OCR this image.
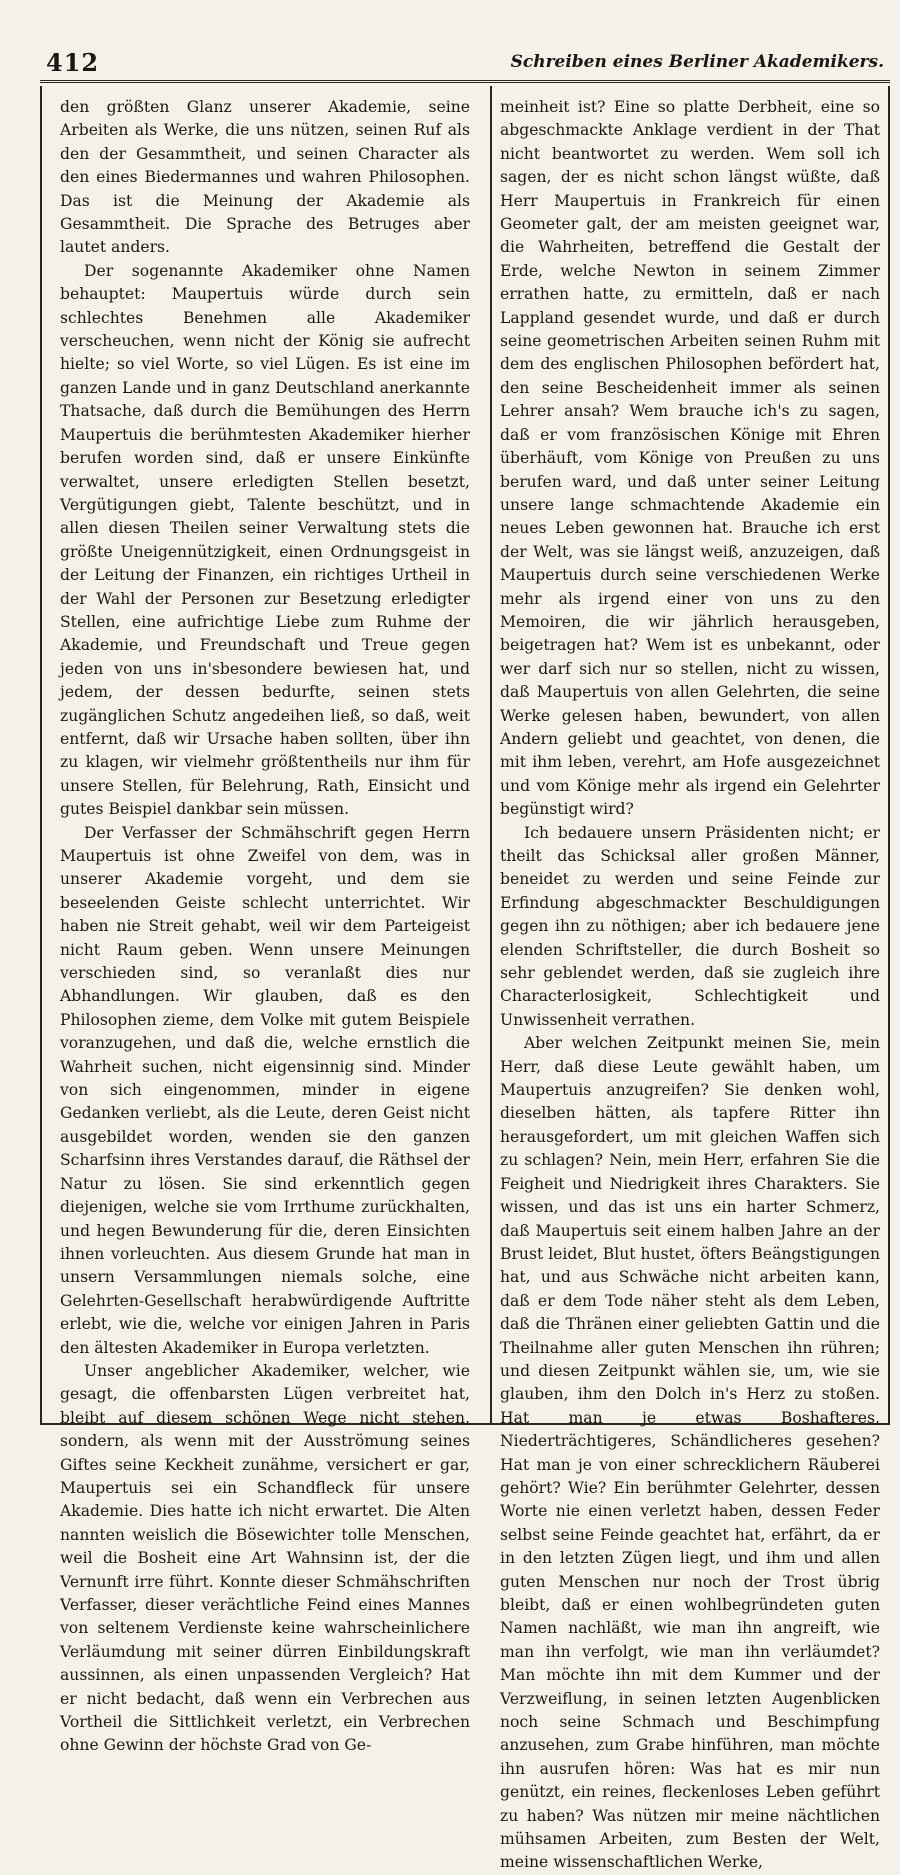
412	Schreiben eines Berliner Akademikers.

den größten Glanz unserer Akademie, seine Arbeiten als Werke, die uns nützen, seinen Ruf als den der Gesammtheit, und seinen Character als den eines Biedermannes und wahren Philosophen. Das ist die Meinung der Akademie als Gesammtheit. Die Sprache des Betruges aber lautet anders.

Der sogenannte Akademiker ohne Namen behauptet: Maupertuis würde durch sein schlechtes Benehmen alle Akademiker verscheuchen, wenn nicht der König sie aufrecht hielte; so viel Worte, so viel Lügen. Es ist eine im ganzen Lande und in ganz Deutschland anerkannte Thatsache, daß durch die Bemühungen des Herrn Maupertuis die berühmtesten Akademiker hierher berufen worden sind, daß er unsere Einkünfte verwaltet, unsere erledigten Stellen besetzt, Vergütigungen giebt, Talente beschützt, und in allen diesen Theilen seiner Verwaltung stets die größte Uneigennützigkeit, einen Ordnungsgeist in der Leitung der Finanzen, ein richtiges Urtheil in der Wahl der Personen zur Besetzung erledigter Stellen, eine aufrichtige Liebe zum Ruhme der Akademie, und Freundschaft und Treue gegen jeden von uns in'sbesondere bewiesen hat, und jedem, der dessen bedurfte, seinen stets zugänglichen Schutz angedeihen ließ, so daß, weit entfernt, daß wir Ursache haben sollten, über ihn zu klagen, wir vielmehr größtentheils nur ihm für unsere Stellen, für Belehrung, Rath, Einsicht und gutes Beispiel dankbar sein müssen.

Der Verfasser der Schmähschrift gegen Herrn Maupertuis ist ohne Zweifel von dem, was in unserer Akademie vorgeht, und dem sie beseelenden Geiste schlecht unterrichtet. Wir haben nie Streit gehabt, weil wir dem Parteigeist nicht Raum geben. Wenn unsere Meinungen verschieden sind, so veranlaßt dies nur Abhandlungen. Wir glauben, daß es den Philosophen zieme, dem Volke mit gutem Beispiele voranzugehen, und daß die, welche ernstlich die Wahrheit suchen, nicht eigensinnig sind. Minder von sich eingenommen, minder in eigene Gedanken verliebt, als die Leute, deren Geist nicht ausgebildet worden, wenden sie den ganzen Scharfsinn ihres Verstandes darauf, die Räthsel der Natur zu lösen. Sie sind erkenntlich gegen diejenigen, welche sie vom Irrthume zurückhalten, und hegen Bewunderung für die, deren Einsichten ihnen vorleuchten. Aus diesem Grunde hat man in unsern Versammlungen niemals solche, eine Gelehrten-Gesellschaft herabwürdigende Auftritte erlebt, wie die, welche vor einigen Jahren in Paris den ältesten Akademiker in Europa verletzten.

Unser angeblicher Akademiker, welcher, wie gesagt, die offenbarsten Lügen verbreitet hat, bleibt auf diesem schönen Wege nicht stehen, sondern, als wenn mit der Ausströmung seines Giftes seine Keckheit zunähme, versichert er gar, Maupertuis sei ein Schandfleck für unsere Akademie. Dies hatte ich nicht erwartet. Die Alten nannten weislich die Bösewichter tolle Menschen, weil die Bosheit eine Art Wahnsinn ist, der die Vernunft irre führt. Konnte dieser Schmähschriften Verfasser, dieser verächtliche Feind eines Mannes von seltenem Verdienste keine wahrscheinlichere Verläumdung mit seiner dürren Einbildungskraft aussinnen, als einen unpassenden Vergleich? Hat er nicht bedacht, daß wenn ein Verbrechen aus Vortheil die Sittlichkeit verletzt, ein Verbrechen ohne Gewinn der höchste Grad von Ge-

meinheit ist? Eine so platte Derbheit, eine so abgeschmackte Anklage verdient in der That nicht beantwortet zu werden. Wem soll ich sagen, der es nicht schon längst wüßte, daß Herr Maupertuis in Frankreich für einen Geometer galt, der am meisten geeignet war, die Wahrheiten, betreffend die Gestalt der Erde, welche Newton in seinem Zimmer errathen hatte, zu ermitteln, daß er nach Lappland gesendet wurde, und daß er durch seine geometrischen Arbeiten seinen Ruhm mit dem des englischen Philosophen befördert hat, den seine Bescheidenheit immer als seinen Lehrer ansah? Wem brauche ich's zu sagen, daß er vom französischen Könige mit Ehren überhäuft, vom Könige von Preußen zu uns berufen ward, und daß unter seiner Leitung unsere lange schmachtende Akademie ein neues Leben gewonnen hat. Brauche ich erst der Welt, was sie längst weiß, anzuzeigen, daß Maupertuis durch seine verschiedenen Werke mehr als irgend einer von uns zu den Memoiren, die wir jährlich herausgeben, beigetragen hat? Wem ist es unbekannt, oder wer darf sich nur so stellen, nicht zu wissen, daß Maupertuis von allen Gelehrten, die seine Werke gelesen haben, bewundert, von allen Andern geliebt und geachtet, von denen, die mit ihm leben, verehrt, am Hofe ausgezeichnet und vom Könige mehr als irgend ein Gelehrter begünstigt wird?

Ich bedauere unsern Präsidenten nicht; er theilt das Schicksal aller großen Männer, beneidet zu werden und seine Feinde zur Erfindung abgeschmackter Beschuldigungen gegen ihn zu nöthigen; aber ich bedauere jene elenden Schriftsteller, die durch Bosheit so sehr geblendet werden, daß sie zugleich ihre Characterlosigkeit, Schlechtigkeit und Unwissenheit verrathen.

Aber welchen Zeitpunkt meinen Sie, mein Herr, daß diese Leute gewählt haben, um Maupertuis anzugreifen? Sie denken wohl, dieselben hätten, als tapfere Ritter ihn herausgefordert, um mit gleichen Waffen sich zu schlagen? Nein, mein Herr, erfahren Sie die Feigheit und Niedrigkeit ihres Charakters. Sie wissen, und das ist uns ein harter Schmerz, daß Maupertuis seit einem halben Jahre an der Brust leidet, Blut hustet, öfters Beängstigungen hat, und aus Schwäche nicht arbeiten kann, daß er dem Tode näher steht als dem Leben, daß die Thränen einer geliebten Gattin und die Theilnahme aller guten Menschen ihn rühren; und diesen Zeitpunkt wählen sie, um, wie sie glauben, ihm den Dolch in's Herz zu stoßen. Hat man je etwas Boshafteres, Niederträchtigeres, Schändlicheres gesehen? Hat man je von einer schrecklichern Räuberei gehört? Wie? Ein berühmter Gelehrter, dessen Worte nie einen verletzt haben, dessen Feder selbst seine Feinde geachtet hat, erfährt, da er in den letzten Zügen liegt, und ihm und allen guten Menschen nur noch der Trost übrig bleibt, daß er einen wohlbegründeten guten Namen nachläßt, wie man ihn angreift, wie man ihn verfolgt, wie man ihn verläumdet? Man möchte ihn mit dem Kummer und der Verzweiflung, in seinen letzten Augenblicken noch seine Schmach und Beschimpfung anzusehen, zum Grabe hinführen, man möchte ihn ausrufen hören: Was hat es mir nun genützt, ein reines, fleckenloses Leben geführt zu haben? Was nützen mir meine nächtlichen mühsamen Arbeiten, zum Besten der Welt, meine wissenschaftlichen Werke,
